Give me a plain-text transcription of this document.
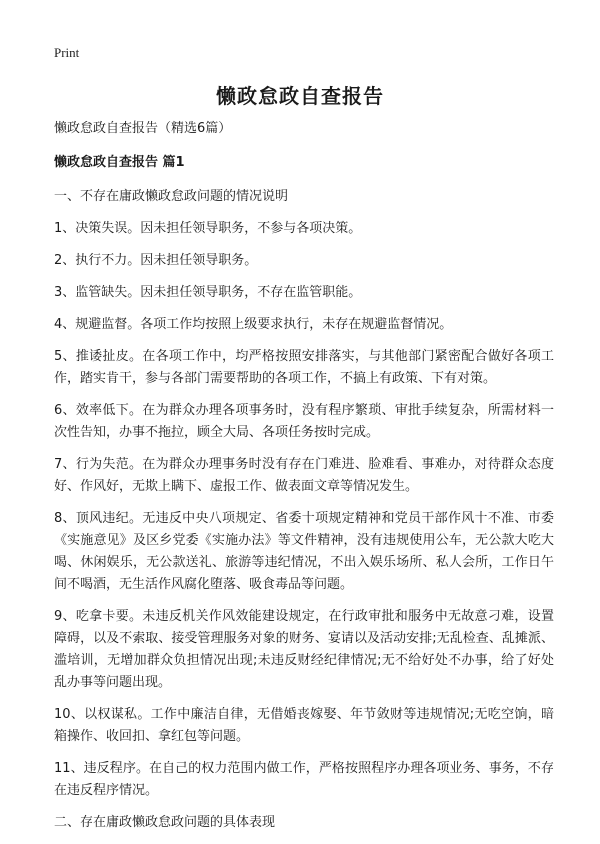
Print
懒政怠政自查报告

懒政怠政自查报告（精选6篇）

懒政怠政自查报告 篇1

一、不存在庸政懒政怠政问题的情况说明

1、决策失误。因未担任领导职务，不参与各项决策。

2、执行不力。因未担任领导职务。

3、监管缺失。因未担任领导职务，不存在监管职能。

4、规避监督。各项工作均按照上级要求执行，未存在规避监督情况。

5、推诿扯皮。在各项工作中，均严格按照安排落实，与其他部门紧密配合做好各项工作，踏实肯干，参与各部门需要帮助的各项工作，不搞上有政策、下有对策。

6、效率低下。在为群众办理各项事务时，没有程序繁琐、审批手续复杂，所需材料一次性告知，办事不拖拉，顾全大局、各项任务按时完成。

7、行为失范。在为群众办理事务时没有存在门难进、脸难看、事难办，对待群众态度好、作风好，无欺上瞒下、虚报工作、做表面文章等情况发生。

8、顶风违纪。无违反中央八项规定、省委十项规定精神和党员干部作风十不准、市委《实施意见》及区乡党委《实施办法》等文件精神，没有违规使用公车，无公款大吃大喝、休闲娱乐，无公款送礼、旅游等违纪情况，不出入娱乐场所、私人会所，工作日午间不喝酒，无生活作风腐化堕落、吸食毒品等问题。

9、吃拿卡要。未违反机关作风效能建设规定，在行政审批和服务中无故意刁难，设置障碍，以及不索取、接受管理服务对象的财务、宴请以及活动安排;无乱检查、乱摊派、滥培训，无增加群众负担情况出现;未违反财经纪律情况;无不给好处不办事，给了好处乱办事等问题出现。

10、以权谋私。工作中廉洁自律，无借婚丧嫁娶、年节敛财等违规情况;无吃空饷，暗箱操作、收回扣、拿红包等问题。

11、违反程序。在自己的权力范围内做工作，严格按照程序办理各项业务、事务，不存在违反程序情况。

二、存在庸政懒政怠政问题的具体表现
